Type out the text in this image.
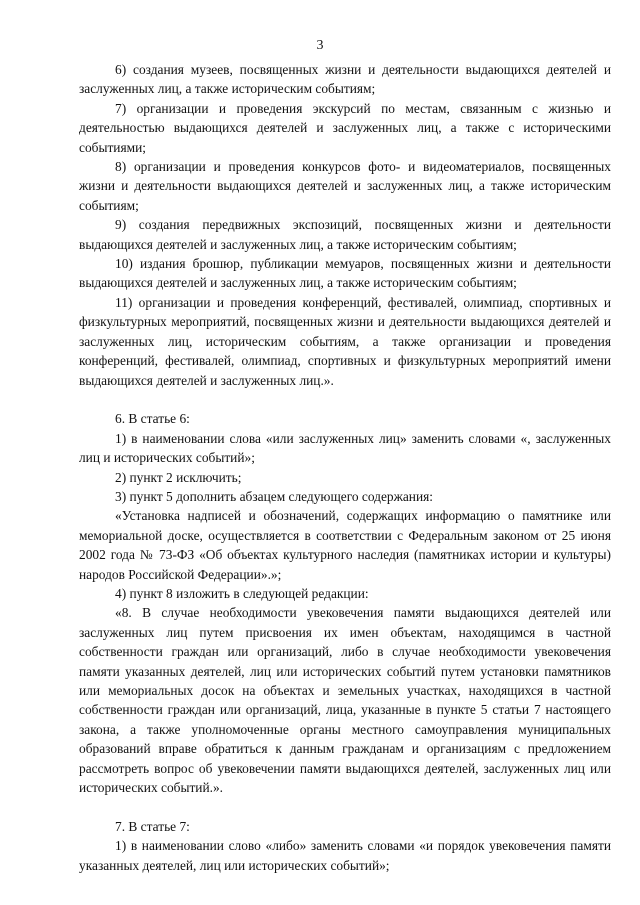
3

6) создания музеев, посвященных жизни и деятельности выдающихся деятелей и заслуженных лиц, а также историческим событиям;

7) организации и проведения экскурсий по местам, связанным с жизнью и деятельностью выдающихся деятелей и заслуженных лиц, а также с историческими событиями;

8) организации и проведения конкурсов фото- и видеоматериалов, посвященных жизни и деятельности выдающихся деятелей и заслуженных лиц, а также историческим событиям;

9) создания передвижных экспозиций, посвященных жизни и деятельности выдающихся деятелей и заслуженных лиц, а также историческим событиям;

10) издания брошюр, публикации мемуаров, посвященных жизни и деятельности выдающихся деятелей и заслуженных лиц, а также историческим событиям;

11) организации и проведения конференций, фестивалей, олимпиад, спортивных и физкультурных мероприятий, посвященных жизни и деятельности выдающихся деятелей и заслуженных лиц, историческим событиям, а также организации и проведения конференций, фестивалей, олимпиад, спортивных и физкультурных мероприятий имени выдающихся деятелей и заслуженных лиц.».

6. В статье 6:

1) в наименовании слова «или заслуженных лиц» заменить словами «, заслуженных лиц и исторических событий»;

2) пункт 2 исключить;

3) пункт 5 дополнить абзацем следующего содержания:

«Установка надписей и обозначений, содержащих информацию о памятнике или мемориальной доске, осуществляется в соответствии с Федеральным законом от 25 июня 2002 года № 73-ФЗ «Об объектах культурного наследия (памятниках истории и культуры) народов Российской Федерации».»;

4) пункт 8 изложить в следующей редакции:

«8. В случае необходимости увековечения памяти выдающихся деятелей или заслуженных лиц путем присвоения их имен объектам, находящимся в частной собственности граждан или организаций, либо в случае необходимости увековечения памяти указанных деятелей, лиц или исторических событий путем установки памятников или мемориальных досок на объектах и земельных участках, находящихся в частной собственности граждан или организаций, лица, указанные в пункте 5 статьи 7 настоящего закона, а также уполномоченные органы местного самоуправления муниципальных образований вправе обратиться к данным гражданам и организациям с предложением рассмотреть вопрос об увековечении памяти выдающихся деятелей, заслуженных лиц или исторических событий.».

7. В статье 7:

1) в наименовании слово «либо» заменить словами «и порядок увековечения памяти указанных деятелей, лиц или исторических событий»;
